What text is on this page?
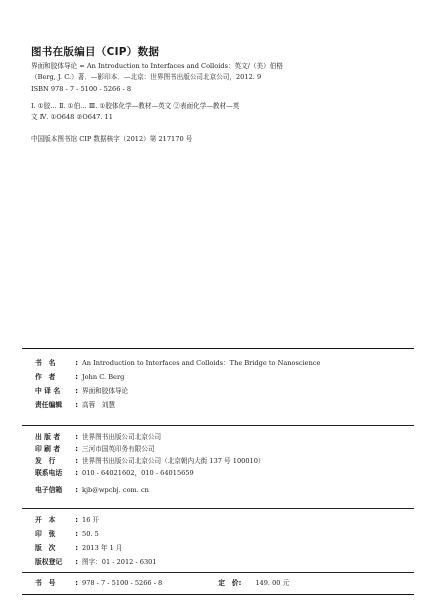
图书在版编目（CIP）数据
界面和胶体导论 = An Introduction to Interfaces and Colloids：英文/（美）伯格
（Berg, J. C.）著．—影印本．—北京：世界图书出版公司北京公司，2012. 9
ISBN 978 - 7 - 5100 - 5266 - 8
Ⅰ. ①胶… Ⅱ. ①伯… Ⅲ. ①胶体化学—教材—英文 ②表面化学—教材—英
文 Ⅳ. ①O648 ②O647. 11
中国版本图书馆 CIP 数据核字（2012）第 217170 号
书　名	: An Introduction to Interfaces and Colloids：The Bridge to Nanoscience
作　者	: John C. Berg
中 译 名 : 界面和胶体导论
责任编辑 : 高蓉　刘慧
出 版 者 : 世界图书出版公司北京公司
印 刷 者 : 三河市国英印务有限公司
发　行	: 世界图书出版公司北京公司（北京朝内大街 137 号 100010）
联系电话 : 010 - 64021602，010 - 64015659
电子信箱 : kjb@wpcbj. com. cn
开　本	: 16 开
印　张	: 50. 5
版　次	: 2013 年 1 月
版权登记 : 图字：01 - 2012 - 6301
书　号	: 978 - 7 - 5100 - 5266 - 8	定　价: 149. 00 元
